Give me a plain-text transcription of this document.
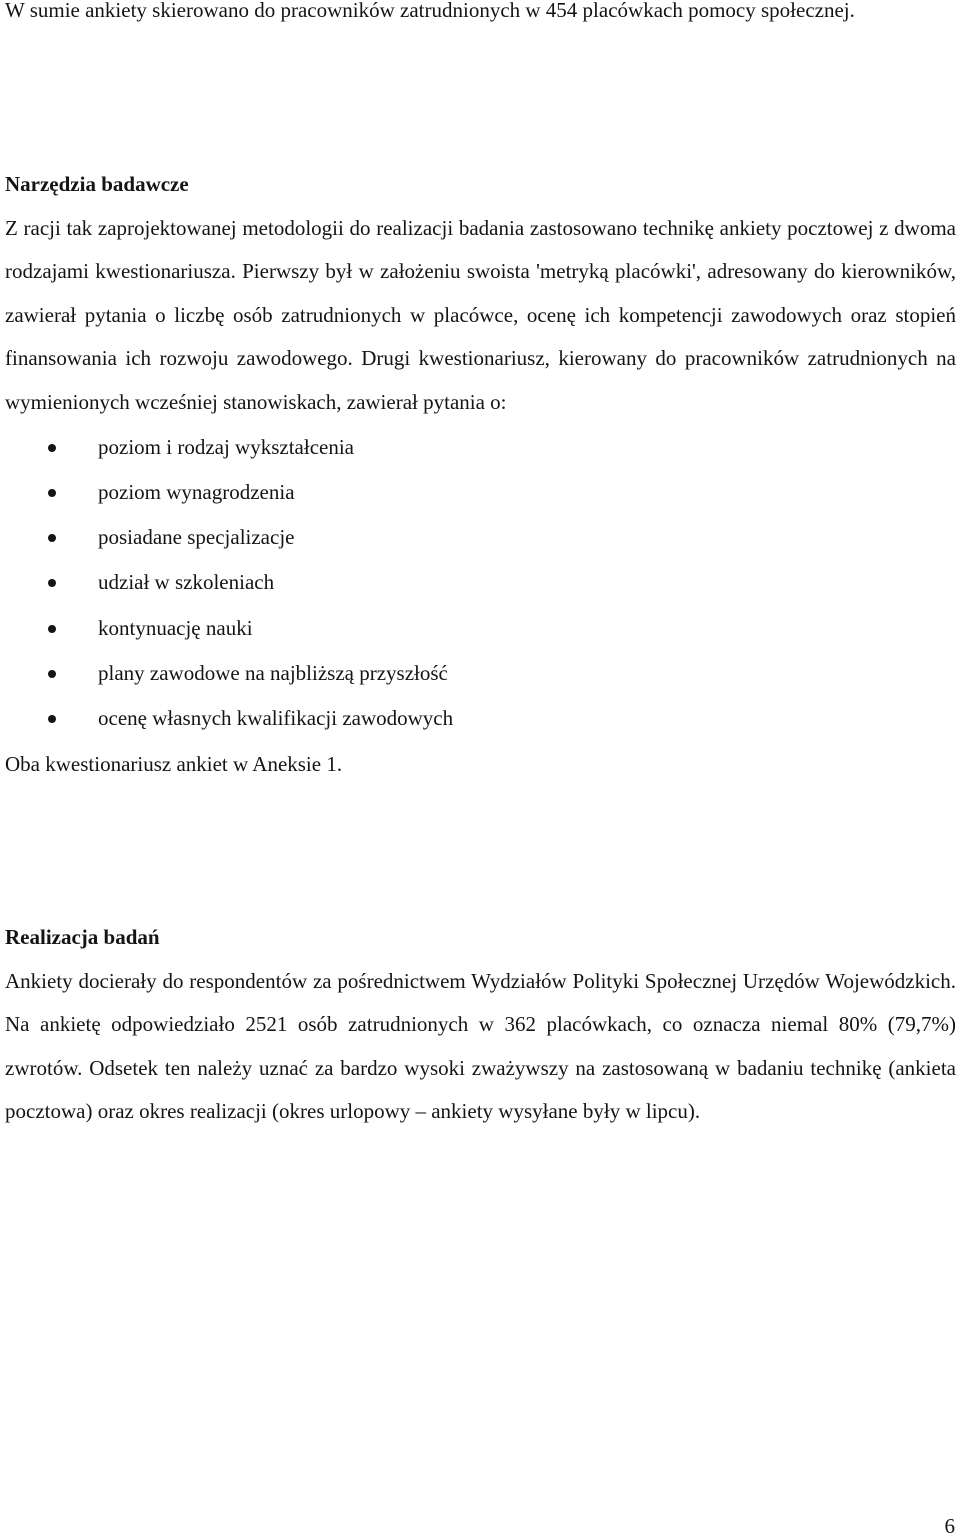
W sumie ankiety skierowano do pracowników zatrudnionych w 454 placówkach pomocy społecznej.

Narzędzia badawcze

Z racji tak zaprojektowanej metodologii do realizacji badania zastosowano technikę ankiety pocztowej z dwoma rodzajami kwestionariusza. Pierwszy był w założeniu swoista 'metryką placówki', adresowany do kierowników, zawierał pytania o liczbę osób zatrudnionych w placówce, ocenę ich kompetencji zawodowych oraz stopień finansowania ich rozwoju zawodowego. Drugi kwestionariusz, kierowany do pracowników zatrudnionych na wymienionych wcześniej stanowiskach, zawierał pytania o:

poziom i rodzaj wykształcenia
poziom wynagrodzenia
posiadane specjalizacje
udział w szkoleniach
kontynuację nauki
plany zawodowe na najbliższą przyszłość
ocenę własnych kwalifikacji zawodowych

Oba kwestionariusz ankiet w Aneksie 1.

Realizacja badań

Ankiety docierały do respondentów za pośrednictwem Wydziałów Polityki Społecznej Urzędów Wojewódzkich. Na ankietę odpowiedziało 2521 osób zatrudnionych w 362 placówkach, co oznacza niemal 80% (79,7%) zwrotów. Odsetek ten należy uznać za bardzo wysoki zważywszy na zastosowaną w badaniu technikę (ankieta pocztowa) oraz okres realizacji (okres urlopowy – ankiety wysyłane były w lipcu).

6
